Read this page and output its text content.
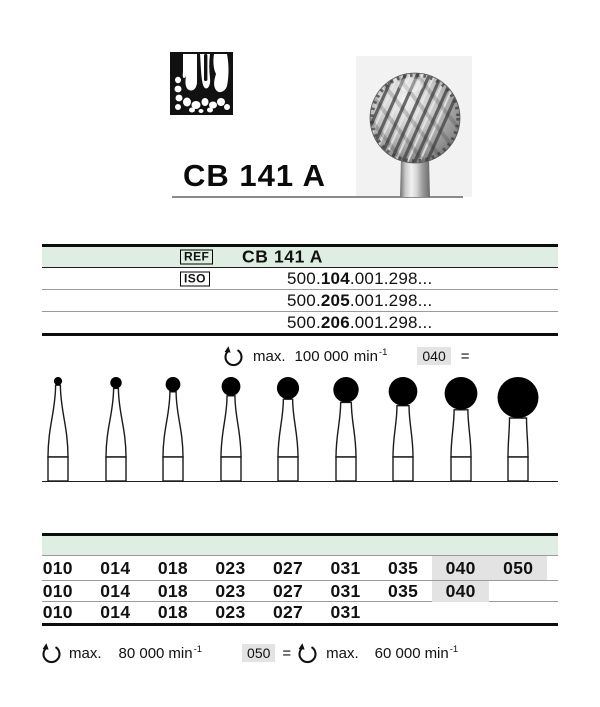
CB 141 A
REF CB 141 A
ISO	500.104.001.298...
500.205.001.298...
500.206.001.298...
max. 100 000 $\min^{-1}$	040	=
010	014	018	023	027	031	035	040	050
010	014	018	023	027	031	035	040
010	014	018	023	027	031
max. 80 000 $\min^{-1}$	050 = max. 60 000 $\min^{-1}$
